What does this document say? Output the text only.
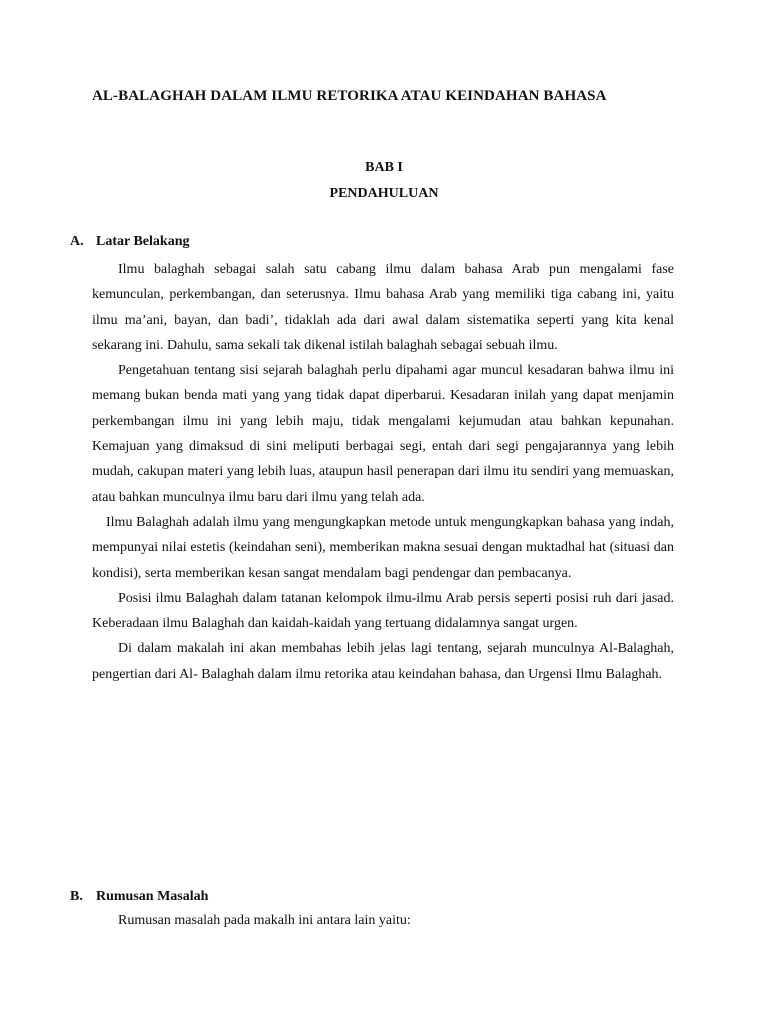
AL-BALAGHAH DALAM ILMU RETORIKA ATAU KEINDAHAN BAHASA
BAB I
PENDAHULUAN
A. Latar Belakang

Ilmu balaghah sebagai salah satu cabang ilmu dalam bahasa Arab pun mengalami fase kemunculan, perkembangan, dan seterusnya. Ilmu bahasa Arab yang memiliki tiga cabang ini, yaitu ilmu ma’ani, bayan, dan badi’, tidaklah ada dari awal dalam sistematika seperti yang kita kenal sekarang ini. Dahulu, sama sekali tak dikenal istilah balaghah sebagai sebuah ilmu.

Pengetahuan tentang sisi sejarah balaghah perlu dipahami agar muncul kesadaran bahwa ilmu ini memang bukan benda mati yang yang tidak dapat diperbarui. Kesadaran inilah yang dapat menjamin perkembangan ilmu ini yang lebih maju, tidak mengalami kejumudan atau bahkan kepunahan. Kemajuan yang dimaksud di sini meliputi berbagai segi, entah dari segi pengajarannya yang lebih mudah, cakupan materi yang lebih luas, ataupun hasil penerapan dari ilmu itu sendiri yang memuaskan, atau bahkan munculnya ilmu baru dari ilmu yang telah ada.

Ilmu Balaghah adalah ilmu yang mengungkapkan metode untuk mengungkapkan bahasa yang indah, mempunyai nilai estetis (keindahan seni), memberikan makna sesuai dengan muktadhal hat (situasi dan kondisi), serta memberikan kesan sangat mendalam bagi pendengar dan pembacanya.

Posisi ilmu Balaghah dalam tatanan kelompok ilmu-ilmu Arab persis seperti posisi ruh dari jasad. Keberadaan ilmu Balaghah dan kaidah-kaidah yang tertuang didalamnya sangat urgen.

Di dalam makalah ini akan membahas lebih jelas lagi tentang, sejarah munculnya Al-Balaghah, pengertian dari Al- Balaghah dalam ilmu retorika atau keindahan bahasa, dan Urgensi Ilmu Balaghah.

B. Rumusan Masalah
Rumusan masalah pada makalh ini antara lain yaitu:
